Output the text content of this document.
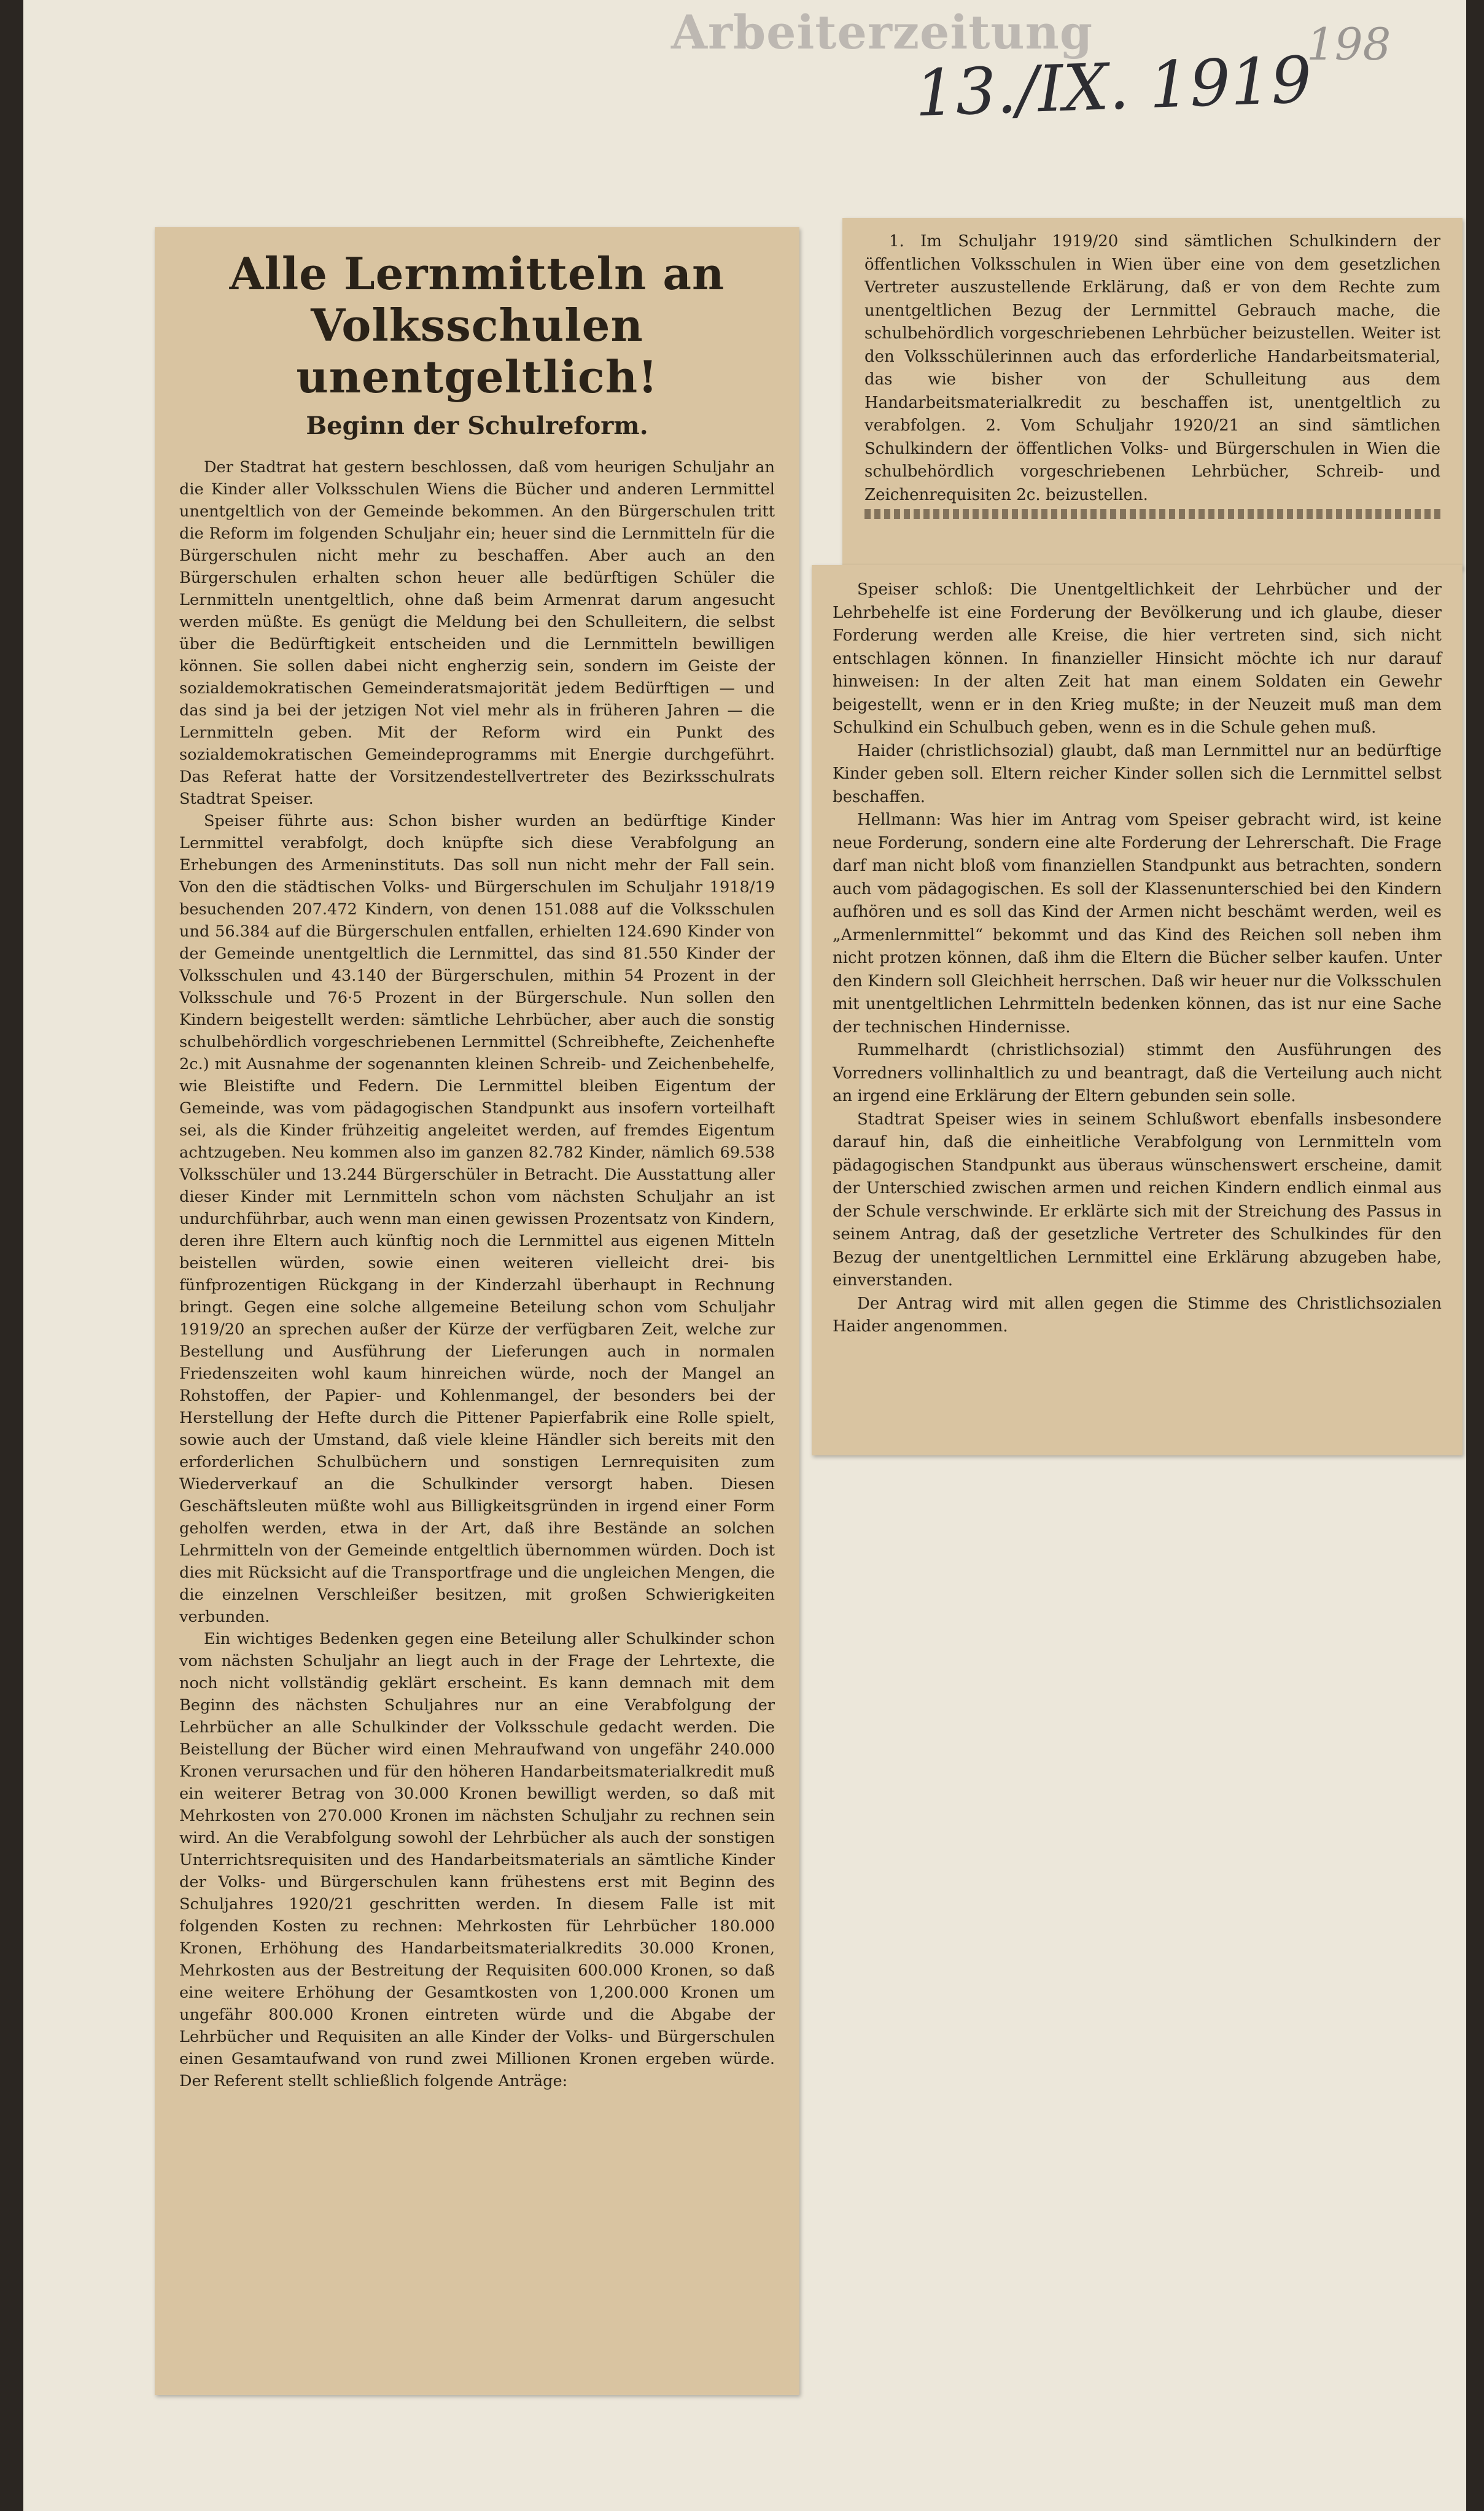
Arbeiterzeitung
13./IX. 1919
198
Alle Lernmitteln an Volksschulen unentgeltlich!
Beginn der Schulreform.

Der Stadtrat hat gestern beschlossen, daß vom heurigen Schuljahr an die Kinder aller Volksschulen Wiens die Bücher und anderen Lernmittel unentgeltlich von der Gemeinde bekommen. An den Bürgerschulen tritt die Reform im folgenden Schuljahr ein; heuer sind die Lernmitteln für die Bürgerschulen nicht mehr zu beschaffen. Aber auch an den Bürgerschulen erhalten schon heuer alle bedürftigen Schüler die Lernmitteln unentgeltlich, ohne daß beim Armenrat darum angesucht werden müßte. Es genügt die Meldung bei den Schulleitern, die selbst über die Bedürftigkeit entscheiden und die Lernmitteln bewilligen können. Sie sollen dabei nicht engherzig sein, sondern im Geiste der sozialdemokratischen Gemeinderatsmajorität jedem Bedürftigen — und das sind ja bei der jetzigen Not viel mehr als in früheren Jahren — die Lernmitteln geben. Mit der Reform wird ein Punkt des sozialdemokratischen Gemeindeprogramms mit Energie durchgeführt. Das Referat hatte der Vorsitzendestellvertreter des Bezirksschulrats Stadtrat Speiser.

Speiser führte aus: Schon bisher wurden an bedürftige Kinder Lernmittel verabfolgt, doch knüpfte sich diese Verabfolgung an Erhebungen des Armeninstituts. Das soll nun nicht mehr der Fall sein. Von den die städtischen Volks- und Bürgerschulen im Schuljahr 1918/19 besuchenden 207.472 Kindern, von denen 151.088 auf die Volksschulen und 56.384 auf die Bürgerschulen entfallen, erhielten 124.690 Kinder von der Gemeinde unentgeltlich die Lernmittel, das sind 81.550 Kinder der Volksschulen und 43.140 der Bürgerschulen, mithin 54 Prozent in der Volksschule und 76·5 Prozent in der Bürgerschule. Nun sollen den Kindern beigestellt werden: sämtliche Lehrbücher, aber auch die sonstig schulbehördlich vorgeschriebenen Lernmittel (Schreibhefte, Zeichenhefte 2c.) mit Ausnahme der sogenannten kleinen Schreib- und Zeichenbehelfe, wie Bleistifte und Federn. Die Lernmittel bleiben Eigentum der Gemeinde, was vom pädagogischen Standpunkt aus insofern vorteilhaft sei, als die Kinder frühzeitig angeleitet werden, auf fremdes Eigentum achtzugeben. Neu kommen also im ganzen 82.782 Kinder, nämlich 69.538 Volksschüler und 13.244 Bürgerschüler in Betracht. Die Ausstattung aller dieser Kinder mit Lernmitteln schon vom nächsten Schuljahr an ist undurchführbar, auch wenn man einen gewissen Prozentsatz von Kindern, deren ihre Eltern auch künftig noch die Lernmittel aus eigenen Mitteln beistellen würden, sowie einen weiteren vielleicht drei- bis fünfprozentigen Rückgang in der Kinderzahl überhaupt in Rechnung bringt. Gegen eine solche allgemeine Beteilung schon vom Schuljahr 1919/20 an sprechen außer der Kürze der verfügbaren Zeit, welche zur Bestellung und Ausführung der Lieferungen auch in normalen Friedenszeiten wohl kaum hinreichen würde, noch der Mangel an Rohstoffen, der Papier- und Kohlenmangel, der besonders bei der Herstellung der Hefte durch die Pittener Papierfabrik eine Rolle spielt, sowie auch der Umstand, daß viele kleine Händler sich bereits mit den erforderlichen Schulbüchern und sonstigen Lernrequisiten zum Wiederverkauf an die Schulkinder versorgt haben. Diesen Geschäftsleuten müßte wohl aus Billigkeitsgründen in irgend einer Form geholfen werden, etwa in der Art, daß ihre Bestände an solchen Lehrmitteln von der Gemeinde entgeltlich übernommen würden. Doch ist dies mit Rücksicht auf die Transportfrage und die ungleichen Mengen, die die einzelnen Verschleißer besitzen, mit großen Schwierigkeiten verbunden.

Ein wichtiges Bedenken gegen eine Beteilung aller Schulkinder schon vom nächsten Schuljahr an liegt auch in der Frage der Lehrtexte, die noch nicht vollständig geklärt erscheint. Es kann demnach mit dem Beginn des nächsten Schuljahres nur an eine Verabfolgung der Lehrbücher an alle Schulkinder der Volksschule gedacht werden. Die Beistellung der Bücher wird einen Mehraufwand von ungefähr 240.000 Kronen verursachen und für den höheren Handarbeitsmaterialkredit muß ein weiterer Betrag von 30.000 Kronen bewilligt werden, so daß mit Mehrkosten von 270.000 Kronen im nächsten Schuljahr zu rechnen sein wird. An die Verabfolgung sowohl der Lehrbücher als auch der sonstigen Unterrichtsrequisiten und des Handarbeitsmaterials an sämtliche Kinder der Volks- und Bürgerschulen kann frühestens erst mit Beginn des Schuljahres 1920/21 geschritten werden. In diesem Falle ist mit folgenden Kosten zu rechnen: Mehrkosten für Lehrbücher 180.000 Kronen, Erhöhung des Handarbeitsmaterialkredits 30.000 Kronen, Mehrkosten aus der Bestreitung der Requisiten 600.000 Kronen, so daß eine weitere Erhöhung der Gesamtkosten von 1,200.000 Kronen um ungefähr 800.000 Kronen eintreten würde und die Abgabe der Lehrbücher und Requisiten an alle Kinder der Volks- und Bürgerschulen einen Gesamtaufwand von rund zwei Millionen Kronen ergeben würde. Der Referent stellt schließlich folgende Anträge:

1. Im Schuljahr 1919/20 sind sämtlichen Schulkindern der öffentlichen Volksschulen in Wien über eine von dem gesetzlichen Vertreter auszustellende Erklärung, daß er von dem Rechte zum unentgeltlichen Bezug der Lernmittel Gebrauch mache, die schulbehördlich vorgeschriebenen Lehrbücher beizustellen. Weiter ist den Volksschülerinnen auch das erforderliche Handarbeitsmaterial, das wie bisher von der Schulleitung aus dem Handarbeitsmaterialkredit zu beschaffen ist, unentgeltlich zu verabfolgen. 2. Vom Schuljahr 1920/21 an sind sämtlichen Schulkindern der öffentlichen Volks- und Bürgerschulen in Wien die schulbehördlich vorgeschriebenen Lehrbücher, Schreib- und Zeichenrequisiten 2c. beizustellen.

Speiser schloß: Die Unentgeltlichkeit der Lehrbücher und der Lehrbehelfe ist eine Forderung der Bevölkerung und ich glaube, dieser Forderung werden alle Kreise, die hier vertreten sind, sich nicht entschlagen können. In finanzieller Hinsicht möchte ich nur darauf hinweisen: In der alten Zeit hat man einem Soldaten ein Gewehr beigestellt, wenn er in den Krieg mußte; in der Neuzeit muß man dem Schulkind ein Schulbuch geben, wenn es in die Schule gehen muß.

Haider (christlichsozial) glaubt, daß man Lernmittel nur an bedürftige Kinder geben soll. Eltern reicher Kinder sollen sich die Lernmittel selbst beschaffen.

Hellmann: Was hier im Antrag vom Speiser gebracht wird, ist keine neue Forderung, sondern eine alte Forderung der Lehrerschaft. Die Frage darf man nicht bloß vom finanziellen Standpunkt aus betrachten, sondern auch vom pädagogischen. Es soll der Klassenunterschied bei den Kindern aufhören und es soll das Kind der Armen nicht beschämt werden, weil es „Armenlernmittel“ bekommt und das Kind des Reichen soll neben ihm nicht protzen können, daß ihm die Eltern die Bücher selber kaufen. Unter den Kindern soll Gleichheit herrschen. Daß wir heuer nur die Volksschulen mit unentgeltlichen Lehrmitteln bedenken können, das ist nur eine Sache der technischen Hindernisse.

Rummelhardt (christlichsozial) stimmt den Ausführungen des Vorredners vollinhaltlich zu und beantragt, daß die Verteilung auch nicht an irgend eine Erklärung der Eltern gebunden sein solle.

Stadtrat Speiser wies in seinem Schlußwort ebenfalls insbesondere darauf hin, daß die einheitliche Verabfolgung von Lernmitteln vom pädagogischen Standpunkt aus überaus wünschenswert erscheine, damit der Unterschied zwischen armen und reichen Kindern endlich einmal aus der Schule verschwinde. Er erklärte sich mit der Streichung des Passus in seinem Antrag, daß der gesetzliche Vertreter des Schulkindes für den Bezug der unentgeltlichen Lernmittel eine Erklärung abzugeben habe, einverstanden.

Der Antrag wird mit allen gegen die Stimme des Christlichsozialen Haider angenommen.
